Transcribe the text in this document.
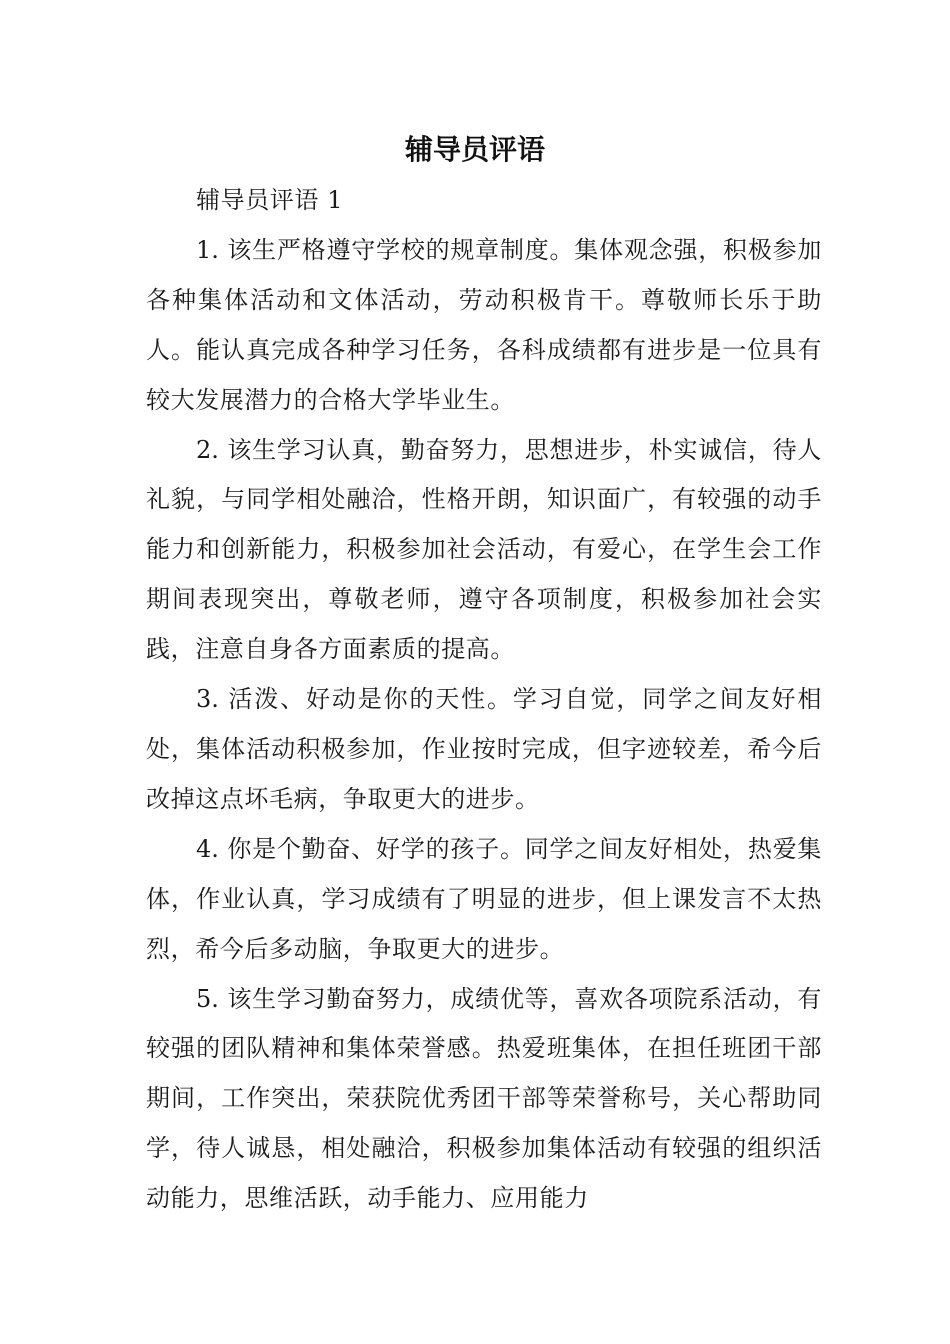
辅导员评语

辅导员评语 1

1. 该生严格遵守学校的规章制度。集体观念强，积极参加各种集体活动和文体活动，劳动积极肯干。尊敬师长乐于助人。能认真完成各种学习任务，各科成绩都有进步是一位具有较大发展潜力的合格大学毕业生。

2. 该生学习认真，勤奋努力，思想进步，朴实诚信，待人礼貌，与同学相处融洽，性格开朗，知识面广，有较强的动手能力和创新能力，积极参加社会活动，有爱心，在学生会工作期间表现突出，尊敬老师，遵守各项制度，积极参加社会实践，注意自身各方面素质的提高。

3. 活泼、好动是你的天性。学习自觉，同学之间友好相处，集体活动积极参加，作业按时完成，但字迹较差，希今后改掉这点坏毛病，争取更大的进步。

4. 你是个勤奋、好学的孩子。同学之间友好相处，热爱集体，作业认真，学习成绩有了明显的进步，但上课发言不太热烈，希今后多动脑，争取更大的进步。

5. 该生学习勤奋努力，成绩优等，喜欢各项院系活动，有较强的团队精神和集体荣誉感。热爱班集体，在担任班团干部期间，工作突出，荣获院优秀团干部等荣誉称号，关心帮助同学，待人诚恳，相处融洽，积极参加集体活动有较强的组织活动能力，思维活跃，动手能力、应用能力
